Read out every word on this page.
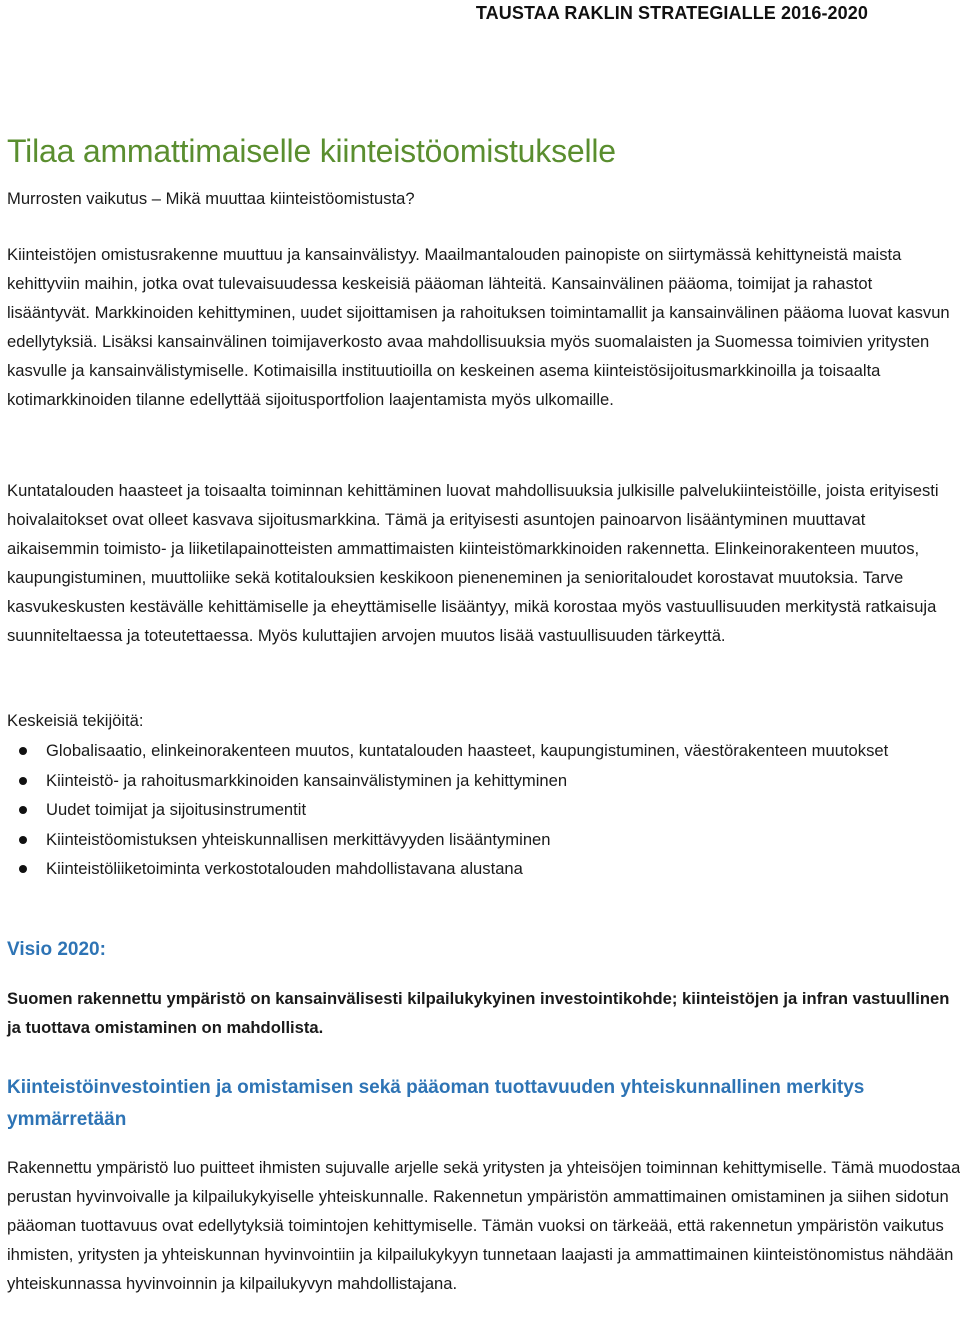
TAUSTAA RAKLIN STRATEGIALLE 2016-2020
Tilaa ammattimaiselle kiinteistöomistukselle

Murrosten vaikutus – Mikä muuttaa kiinteistöomistusta?

Kiinteistöjen omistusrakenne muuttuu ja kansainvälistyy. Maailmantalouden painopiste on siirtymässä kehittyneistä maista kehittyviin maihin, jotka ovat tulevaisuudessa keskeisiä pääoman lähteitä. Kansainvälinen pääoma, toimijat ja rahastot lisääntyvät. Markkinoiden kehittyminen, uudet sijoittamisen ja rahoituksen toimintamallit ja kansainvälinen pääoma luovat kasvun edellytyksiä. Lisäksi kansainvälinen toimijaverkosto avaa mahdollisuuksia myös suomalaisten ja Suomessa toimivien yritysten kasvulle ja kansainvälistymiselle. Kotimaisilla instituutioilla on keskeinen asema kiinteistösijoitusmarkkinoilla ja toisaalta kotimarkkinoiden tilanne edellyttää sijoitusportfolion laajentamista myös ulkomaille.

Kuntatalouden haasteet ja toisaalta toiminnan kehittäminen luovat mahdollisuuksia julkisille palvelukiinteistöille, joista erityisesti hoivalaitokset ovat olleet kasvava sijoitusmarkkina. Tämä ja erityisesti asuntojen painoarvon lisääntyminen muuttavat aikaisemmin toimisto- ja liiketilapainotteisten ammattimaisten kiinteistömarkkinoiden rakennetta. Elinkeinorakenteen muutos, kaupungistuminen, muuttoliike sekä kotitalouksien keskikoon pieneneminen ja senioritaloudet korostavat muutoksia. Tarve kasvukeskusten kestävälle kehittämiselle ja eheyttämiselle lisääntyy, mikä korostaa myös vastuullisuuden merkitystä ratkaisuja suunniteltaessa ja toteutettaessa. Myös kuluttajien arvojen muutos lisää vastuullisuuden tärkeyttä.

Keskeisiä tekijöitä:

Globalisaatio, elinkeinorakenteen muutos, kuntatalouden haasteet, kaupungistuminen, väestörakenteen muutokset
Kiinteistö- ja rahoitusmarkkinoiden kansainvälistyminen ja kehittyminen
Uudet toimijat ja sijoitusinstrumentit
Kiinteistöomistuksen yhteiskunnallisen merkittävyyden lisääntyminen
Kiinteistöliiketoiminta verkostotalouden mahdollistavana alustana
Visio 2020:

Suomen rakennettu ympäristö on kansainvälisesti kilpailukykyinen investointikohde; kiinteistöjen ja infran vastuullinen ja tuottava omistaminen on mahdollista.

Kiinteistöinvestointien ja omistamisen sekä pääoman tuottavuuden yhteiskunnallinen merkitys ymmärretään

Rakennettu ympäristö luo puitteet ihmisten sujuvalle arjelle sekä yritysten ja yhteisöjen toiminnan kehittymiselle. Tämä muodostaa perustan hyvinvoivalle ja kilpailukykyiselle yhteiskunnalle. Rakennetun ympäristön ammattimainen omistaminen ja siihen sidotun pääoman tuottavuus ovat edellytyksiä toimintojen kehittymiselle. Tämän vuoksi on tärkeää, että rakennetun ympäristön vaikutus ihmisten, yritysten ja yhteiskunnan hyvinvointiin ja kilpailukykyyn tunnetaan laajasti ja ammattimainen kiinteistönomistus nähdään yhteiskunnassa hyvinvoinnin ja kilpailukyvyn mahdollistajana.
